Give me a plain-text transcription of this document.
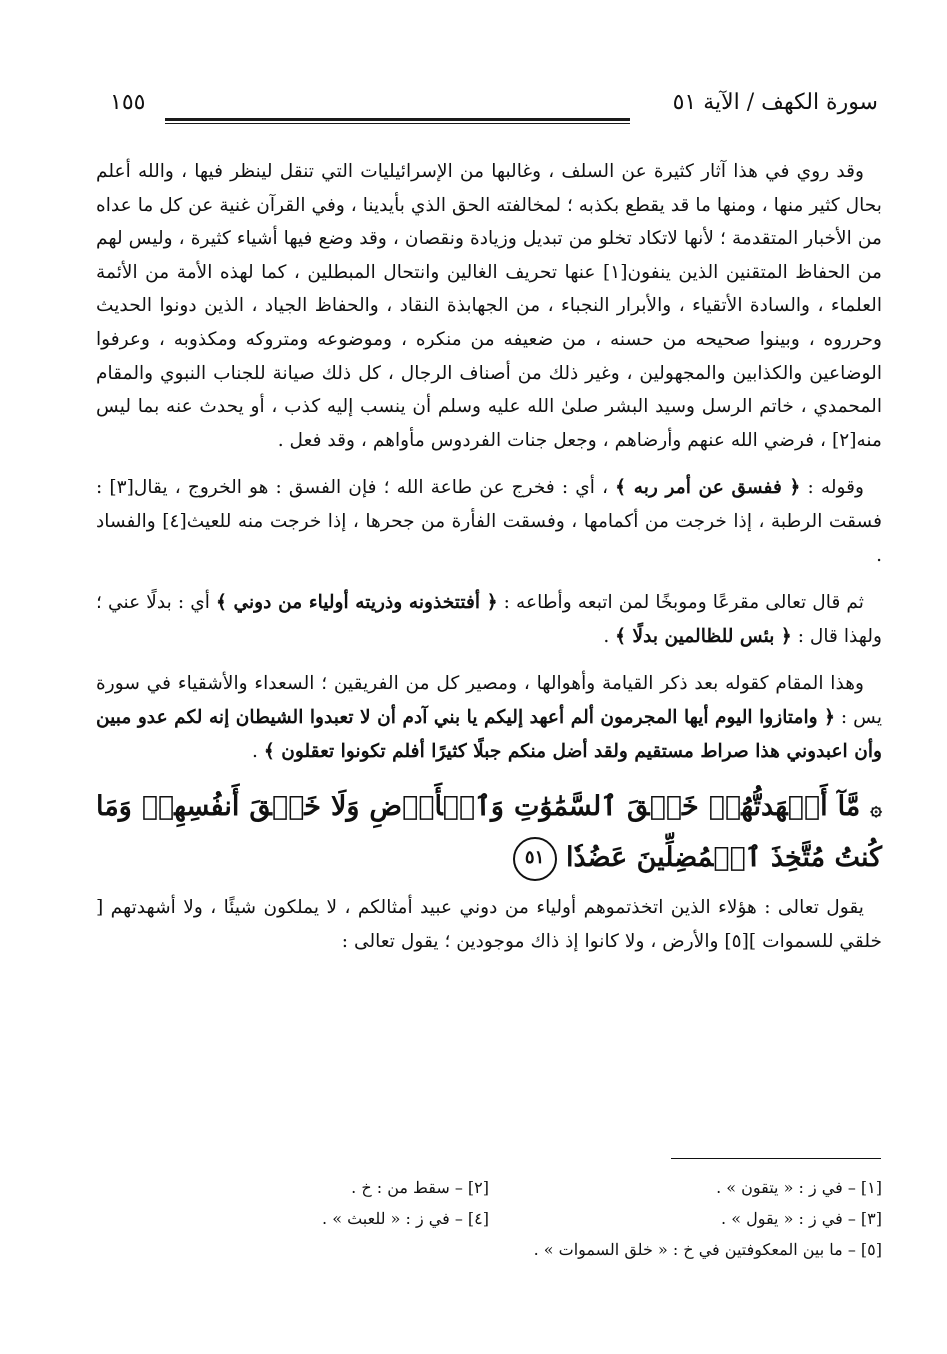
سورة الكهف / الآية ٥١
١٥٥

وقد روي في هذا آثار كثيرة عن السلف ، وغالبها من الإسرائيليات التي تنقل لينظر فيها ، والله أعلم بحال كثير منها ، ومنها ما قد يقطع بكذبه ؛ لمخالفته الحق الذي بأيدينا ، وفي القرآن غنية عن كل ما عداه من الأخبار المتقدمة ؛ لأنها لاتكاد تخلو من تبديل وزيادة ونقصان ، وقد وضع فيها أشياء كثيرة ، وليس لهم من الحفاظ المتقنين الذين ينفون[١] عنها تحريف الغالين وانتحال المبطلين ، كما لهذه الأمة من الأئمة العلماء ، والسادة الأتقياء ، والأبرار النجباء ، من الجهابذة النقاد ، والحفاظ الجياد ، الذين دونوا الحديث وحرروه ، وبينوا صحيحه من حسنه ، من ضعيفه من منكره ، وموضوعه ومتروكه ومكذوبه ، وعرفوا الوضاعين والكذابين والمجهولين ، وغير ذلك من أصناف الرجال ، كل ذلك صيانة للجناب النبوي والمقام المحمدي ، خاتم الرسل وسيد البشر صلىٰ الله عليه وسلم أن ينسب إليه كذب ، أو يحدث عنه بما ليس منه[٢] ، فرضي الله عنهم وأرضاهم ، وجعل جنات الفردوس مأواهم ، وقد فعل .

وقوله : ﴿ ففسق عن أمر ربه ﴾ ، أي : فخرج عن طاعة الله ؛ فإن الفسق : هو الخروج ، يقال[٣] : فسقت الرطبة ، إذا خرجت من أكمامها ، وفسقت الفأرة من جحرها ، إذا خرجت منه للعيث[٤] والفساد .

ثم قال تعالى مقرعًا وموبخًا لمن اتبعه وأطاعه : ﴿ أفتتخذونه وذريته أولياء من دوني ﴾ أي : بدلًا عني ؛ ولهذا قال : ﴿ بئس للظالمين بدلًا ﴾ .

وهذا المقام كقوله بعد ذكر القيامة وأهوالها ، ومصير كل من الفريقين ؛ السعداء والأشقياء في سورة يس : ﴿ وامتازوا اليوم أيها المجرمون ألم أعهد إليكم يا بني آدم أن لا تعبدوا الشيطان إنه لكم عدو مبين وأن اعبدوني هذا صراط مستقيم ولقد أضل منكم جبلًا كثيرًا أفلم تكونوا تعقلون ﴾ .

۞ مَّآ أَشۡهَدتُّهُمۡ خَلۡقَ ٱلسَّمَٰوَٰتِ وَٱلۡأَرۡضِ وَلَا خَلۡقَ أَنفُسِهِمۡ وَمَا كُنتُ مُتَّخِذَ ٱلۡمُضِلِّينَ عَضُدٗا ٥١

يقول تعالى : هؤلاء الذين اتخذتموهم أولياء من دوني عبيد أمثالكم ، لا يملكون شيئًا ، ولا أشهدتهم [ خلقي للسموات ][٥] والأرض ، ولا كانوا إذ ذاك موجودين ؛ يقول تعالى :

[١] – في ز : « يتقون » .
[٢] – سقط من : خ .
[٣] – في ز : « يقول » .
[٤] – في ز : « للعبث » .
[٥] – ما بين المعكوفتين في خ : « خلق السموات » .
